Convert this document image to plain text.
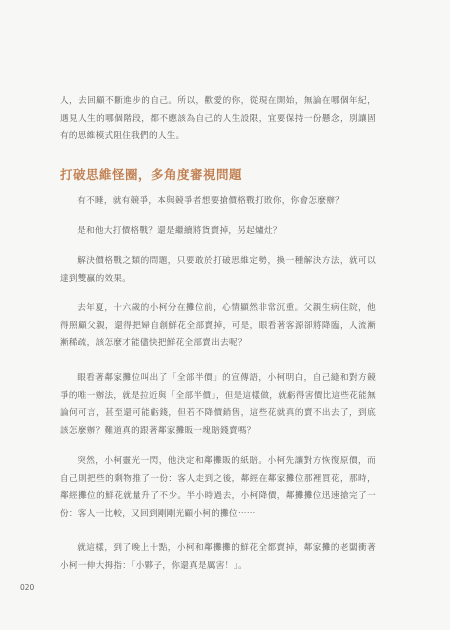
人，去回顧不斷進步的自己。所以，歡愛的你，從現在開始，無論在哪個年紀，遇見人生的哪個階段，都不應該為自己的人生設限，宜要保持一份懸念，別讓固有的思維模式阻住我們的人生。

打破思維怪圈，多角度審視問題

有不睡，就有競爭，本與競爭者想要搶價格戰打敗你，你會怎麼辦？

是和他大打價格戰？還是繼續將貨賣掉，另起爐灶？

解決價格戰之類的問題，只要敢於打破思維定勢，換一種解決方法，就可以達到雙贏的效果。

去年夏，十六歲的小柯分在攤位前，心情顯然非常沉重。父親生病住院，他得照顧父親，還得把婦自創鮮花全部賣掉，可是，眼看著客源卻將降臨，人流漸漸稀疏，該怎麼才能儘快把鮮花全部賣出去呢？

眼看著鄰家攤位叫出了「全部半價」的宣傳語，小柯明白，自己縫和對方競爭的唯一辦法，就是拉近與「全部半價」，但是這樣做，就虧得害價比這些花能無論何可言，甚至還可能虧錢，但若不降價銷售，這些花就真的賣不出去了，到底該怎麼辦？難道真的跟著鄰家攤販一塊賠錢賣嗎？

突然，小柯靈光一閃，他決定和鄰攤販的紙賠。小柯先讓對方恢復原價，而自己則把些的剩物推了一份：客人走到之後，鄰經在鄰家攤位那裡買花，那時，鄰經攤位的鮮花就量升了不少。半小時過去，小柯降價，鄰攤攤位迅速搶完了一份：客人一比較，又回到剛剛光顧小柯的攤位⋯⋯

就這樣，到了晚上十點，小柯和鄰攤攤的鮮花全都賣掉，鄰家攤的老闆衝著小柯一伸大拇指：「小夥子，你還真是厲害！」。

020
